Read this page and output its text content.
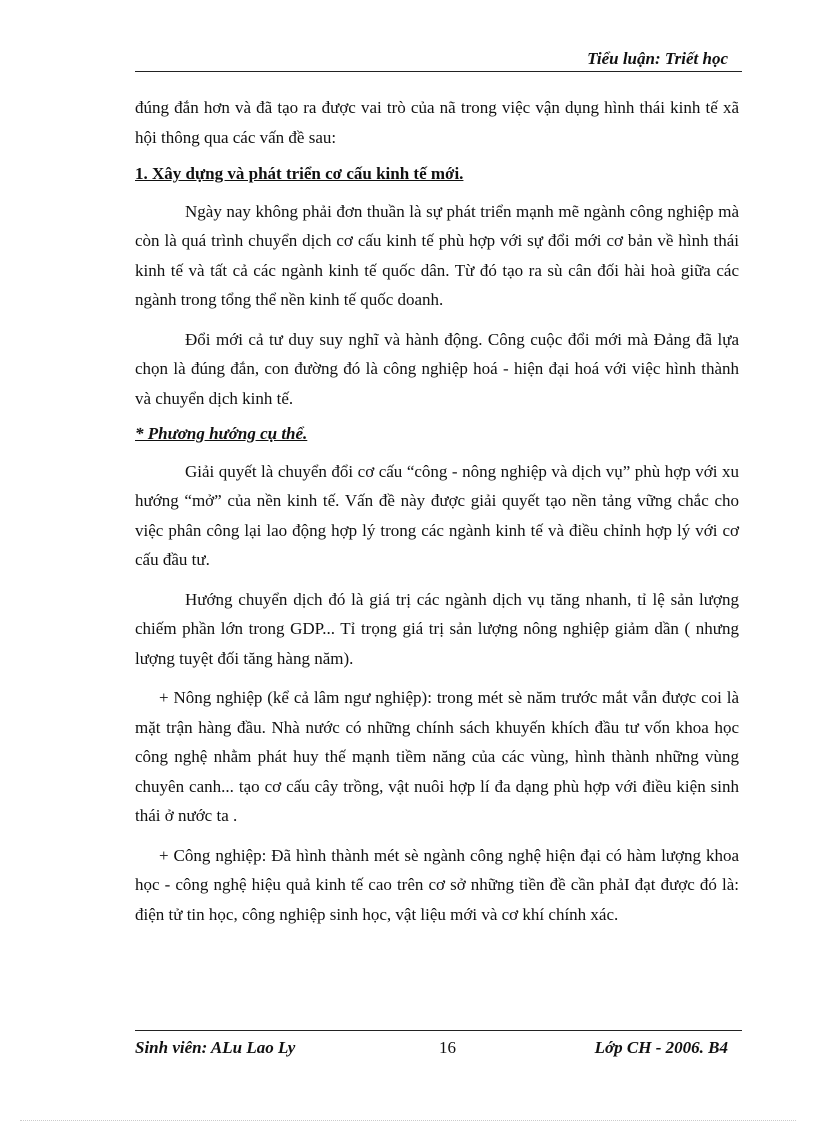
Tiểu luận: Triết học

đúng đắn hơn và đã tạo ra được vai trò của nã trong việc vận dụng hình thái kinh tế xã hội thông qua các vấn đề sau:

1. Xây dựng và phát triển cơ cấu kinh tế mới.

Ngày nay không phải đơn thuần là sự phát triển mạnh mẽ ngành công nghiệp mà còn là quá trình chuyển dịch cơ cấu kinh tế phù hợp với sự đổi mới cơ bản về hình thái kinh tế và tất cả các ngành kinh tế quốc dân. Từ đó tạo ra sù cân đối hài hoà giữa các ngành trong tổng thể nền kinh tế quốc doanh.

Đổi mới cả tư duy suy nghĩ và hành động. Công cuộc đổi mới mà Đảng đã lựa chọn là đúng đắn, con đường đó là công nghiệp hoá - hiện đại hoá với việc hình thành và chuyển dịch kinh tế.

* Phương hướng cụ thể.

Giải quyết là chuyển đổi cơ cấu “công - nông nghiệp và dịch vụ” phù hợp với xu hướng “mở” của nền kinh tế. Vấn đề này được giải quyết tạo nền tảng vững chắc cho việc phân công lại lao động hợp lý trong các ngành kinh tế và điều chỉnh hợp lý với cơ cấu đầu tư.

Hướng chuyển dịch đó là giá trị các ngành dịch vụ tăng nhanh, tỉ lệ sản lượng chiếm phần lớn trong GDP... Tỉ trọng giá trị sản lượng nông nghiệp giảm dần ( nhưng lượng tuyệt đối tăng hàng năm).

+ Nông nghiệp (kể cả lâm ngư nghiệp): trong mét sè năm trước mắt vẫn được coi là mặt trận hàng đầu. Nhà nước có những chính sách khuyến khích đầu tư vốn khoa học công nghệ nhằm phát huy thế mạnh tiềm năng của các vùng, hình thành những vùng chuyên canh... tạo cơ cấu cây trồng, vật nuôi hợp lí đa dạng phù hợp với điều kiện sinh thái ở nước ta .

+ Công nghiệp: Đã hình thành mét sè ngành công nghệ hiện đại có hàm lượng khoa học - công nghệ hiệu quả kinh tế cao trên cơ sở những tiền đề cần phảI đạt được đó là: điện tử tin học, công nghiệp sinh học, vật liệu mới và cơ khí chính xác.

Sinh viên: ALu Lao Ly	16	Lớp CH - 2006. B4
